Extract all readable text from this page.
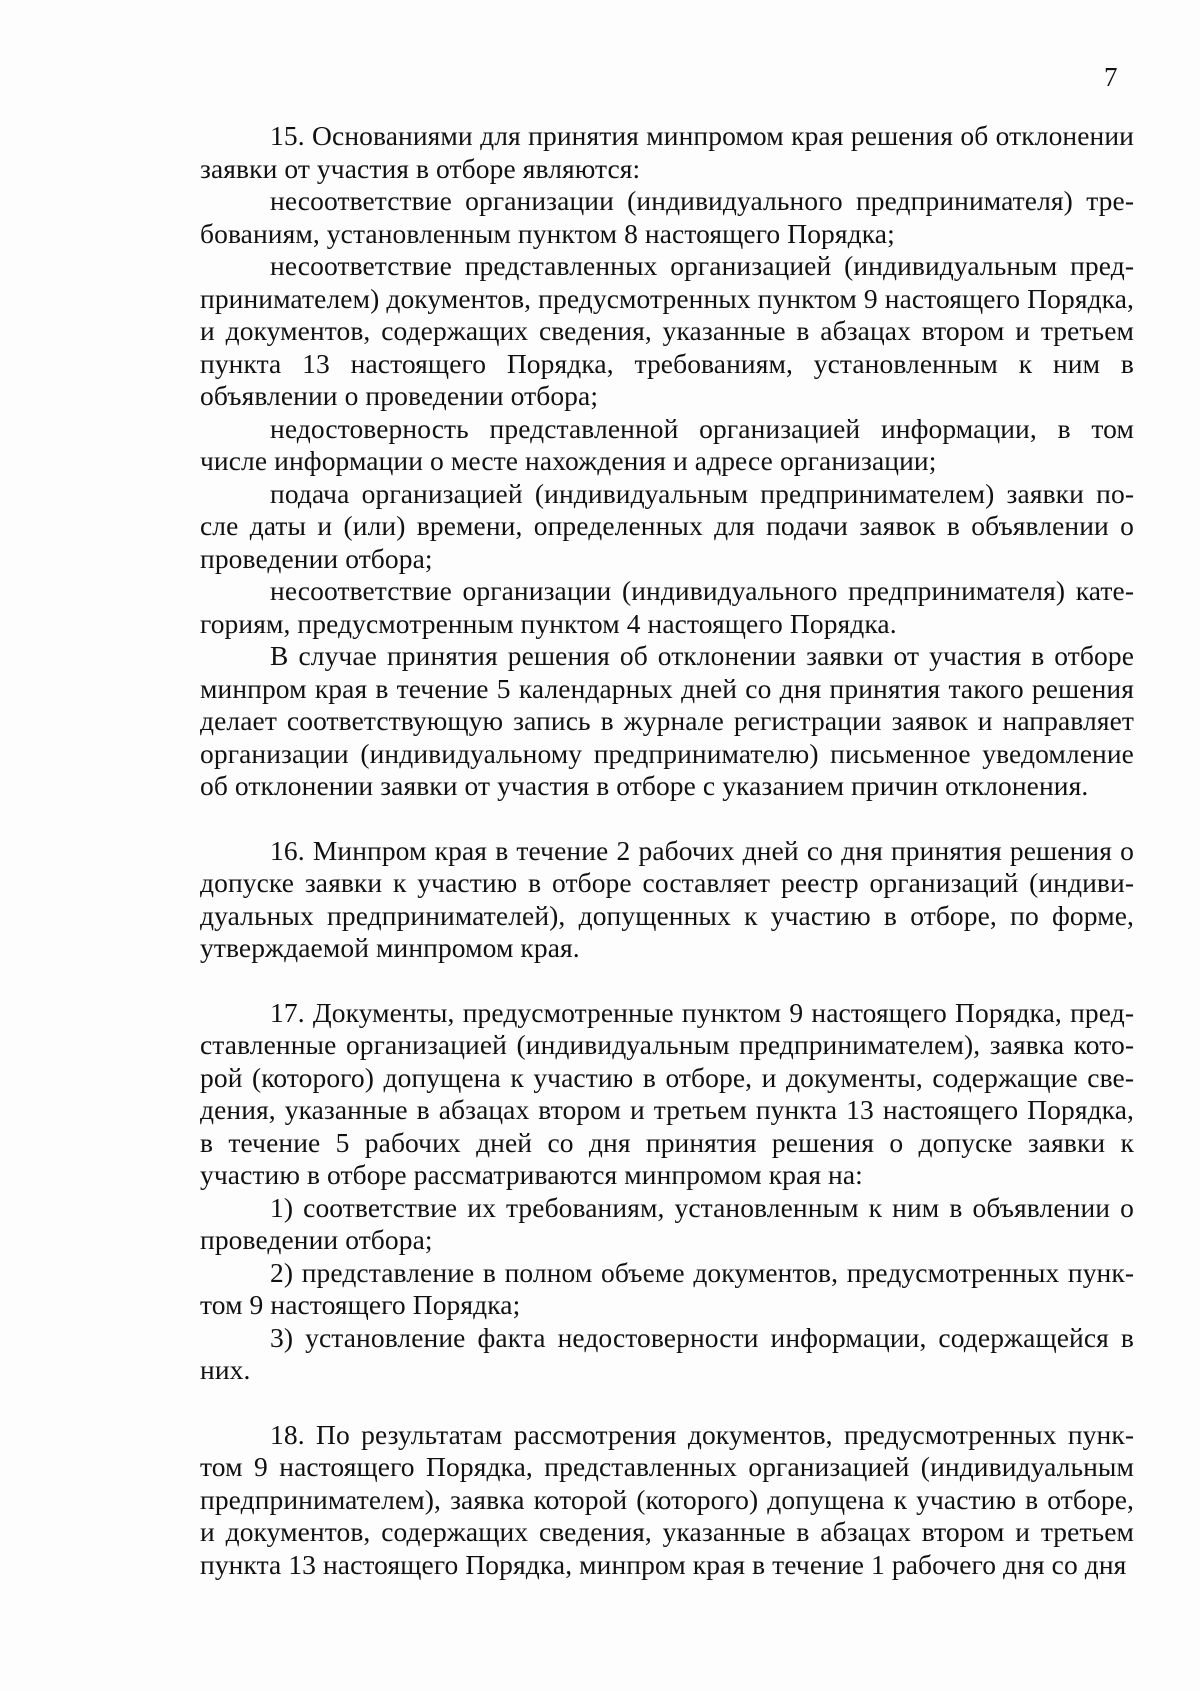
7

15. Основаниями для принятия минпромом края решения об отклонении заявки от участия в отборе являются:

несоответствие организации (индивидуального предпринимателя) требованиям, установленным пунктом 8 настоящего Порядка;

несоответствие представленных организацией (индивидуальным предпринимателем) документов, предусмотренных пунктом 9 настоящего Порядка, и документов, содержащих сведения, указанные в абзацах втором и третьем пункта 13 настоящего Порядка, требованиям, установленным к ним в объявлении о проведении отбора;

недостоверность представленной организацией информации, в том числе информации о месте нахождения и адресе организации;

подача организацией (индивидуальным предпринимателем) заявки после даты и (или) времени, определенных для подачи заявок в объявлении о проведении отбора;

несоответствие организации (индивидуального предпринимателя) категориям, предусмотренным пунктом 4 настоящего Порядка.

В случае принятия решения об отклонении заявки от участия в отборе минпром края в течение 5 календарных дней со дня принятия такого решения делает соответствующую запись в журнале регистрации заявок и направляет организации (индивидуальному предпринимателю) письменное уведомление об отклонении заявки от участия в отборе с указанием причин отклонения.

16. Минпром края в течение 2 рабочих дней со дня принятия решения о допуске заявки к участию в отборе составляет реестр организаций (индивидуальных предпринимателей), допущенных к участию в отборе, по форме, утверждаемой минпромом края.

17. Документы, предусмотренные пунктом 9 настоящего Порядка, представленные организацией (индивидуальным предпринимателем), заявка которой (которого) допущена к участию в отборе, и документы, содержащие сведения, указанные в абзацах втором и третьем пункта 13 настоящего Порядка, в течение 5 рабочих дней со дня принятия решения о допуске заявки к участию в отборе рассматриваются минпромом края на:

1) соответствие их требованиям, установленным к ним в объявлении о проведении отбора;

2) представление в полном объеме документов, предусмотренных пунктом 9 настоящего Порядка;

3) установление факта недостоверности информации, содержащейся в них.

18. По результатам рассмотрения документов, предусмотренных пунктом 9 настоящего Порядка, представленных организацией (индивидуальным предпринимателем), заявка которой (которого) допущена к участию в отборе, и документов, содержащих сведения, указанные в абзацах втором и третьем пункта 13 настоящего Порядка, минпром края в течение 1 рабочего дня со дня
